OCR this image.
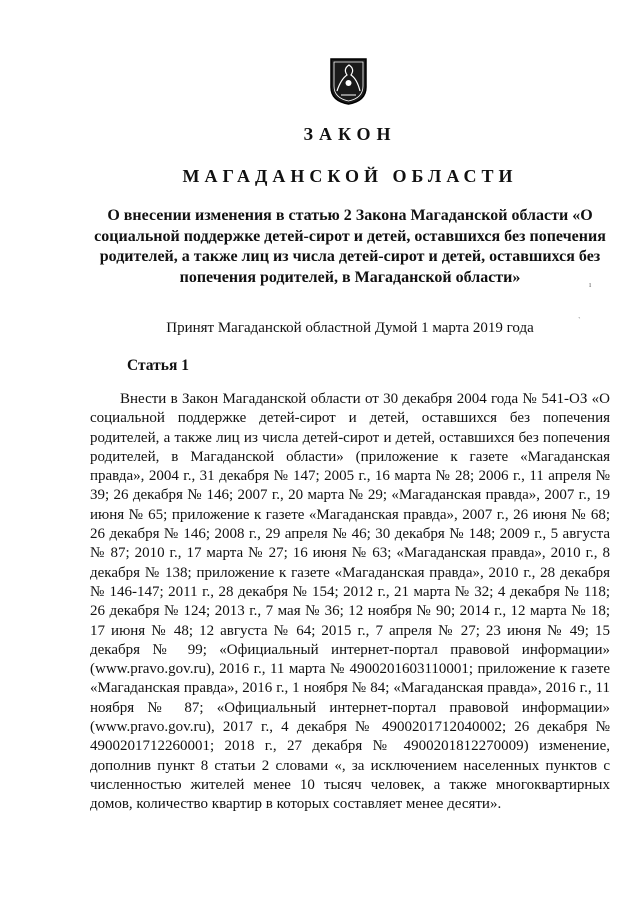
ЗАКОН
МАГАДАНСКОЙ ОБЛАСТИ
О внесении изменения в статью 2 Закона Магаданской области «О социальной поддержке детей-сирот и детей, оставшихся без попечения родителей, а также лиц из числа детей-сирот и детей, оставшихся без попечения родителей, в Магаданской области»
Принят Магаданской областной Думой 1 марта 2019 года
Статья 1
Внести в Закон Магаданской области от 30 декабря 2004 года № 541-ОЗ «О социальной поддержке детей-сирот и детей, оставшихся без попечения родителей, а также лиц из числа детей-сирот и детей, оставшихся без попечения родителей, в Магаданской области» (приложение к газете «Магаданская правда», 2004 г., 31 декабря № 147; 2005 г., 16 марта № 28; 2006 г., 11 апреля № 39; 26 декабря № 146; 2007 г., 20 марта № 29; «Магаданская правда», 2007 г., 19 июня № 65; приложение к газете «Магаданская правда», 2007 г., 26 июня № 68; 26 декабря № 146; 2008 г., 29 апреля № 46; 30 декабря № 148; 2009 г., 5 августа № 87; 2010 г., 17 марта № 27; 16 июня № 63; «Магаданская правда», 2010 г., 8 декабря № 138; приложение к газете «Магаданская правда», 2010 г., 28 декабря № 146-147; 2011 г., 28 декабря № 154; 2012 г., 21 марта № 32; 4 декабря № 118; 26 декабря № 124; 2013 г., 7 мая № 36; 12 ноября № 90; 2014 г., 12 марта № 18; 17 июня № 48; 12 августа № 64; 2015 г., 7 апреля № 27; 23 июня № 49; 15 декабря № 99; «Официальный интернет-портал правовой информации» (www.pravo.gov.ru), 2016 г., 11 марта № 4900201603110001; приложение к газете «Магаданская правда», 2016 г., 1 ноября № 84; «Магаданская правда», 2016 г., 11 ноября № 87; «Официальный интернет-портал правовой информации» (www.pravo.gov.ru), 2017 г., 4 декабря № 4900201712040002; 26 декабря № 4900201712260001; 2018 г., 27 декабря № 4900201812270009) изменение, дополнив пункт 8 статьи 2 словами «, за исключением населенных пунктов с численностью жителей менее 10 тысяч человек, а также многоквартирных домов, количество квартир в которых составляет менее десяти».
`
ı
